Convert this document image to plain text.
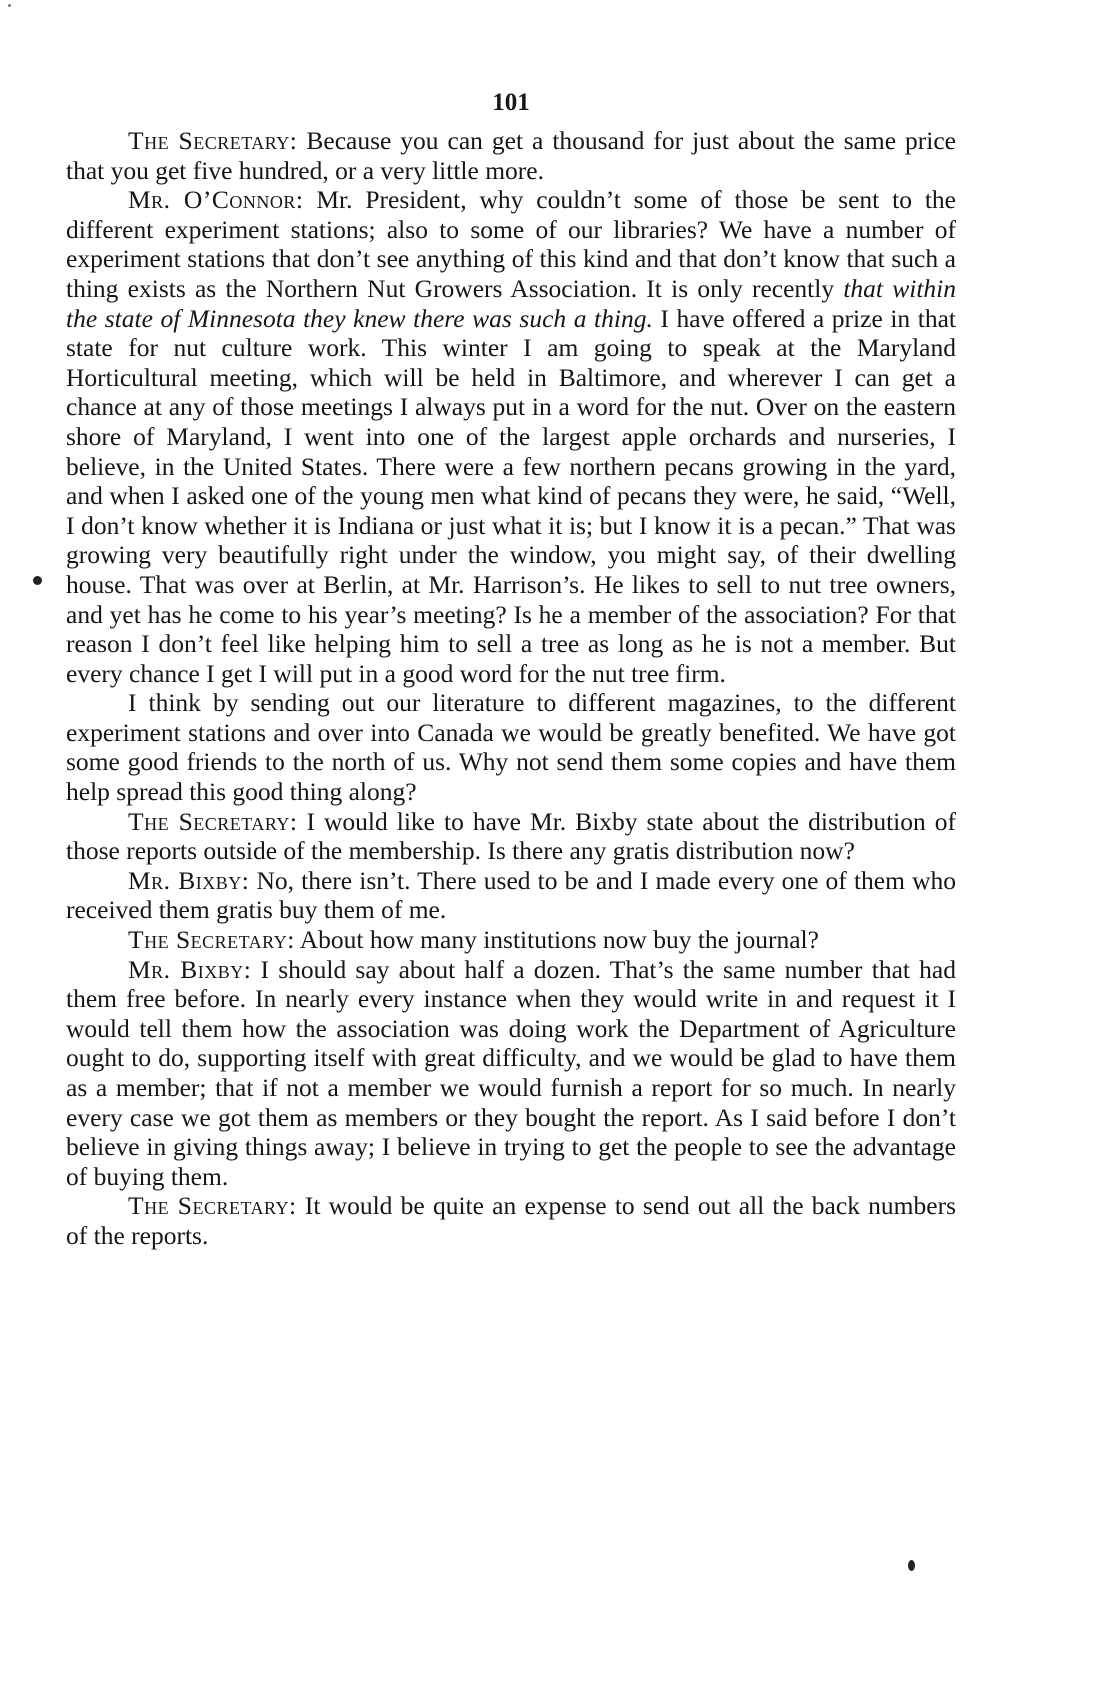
101

The Secretary: Because you can get a thousand for just about the same price that you get five hundred, or a very little more.

Mr. O’Connor: Mr. President, why couldn’t some of those be sent to the different experiment stations; also to some of our libraries? We have a number of experiment stations that don’t see anything of this kind and that don’t know that such a thing exists as the Northern Nut Growers Association. It is only recently that within the state of Minnesota they knew there was such a thing. I have offered a prize in that state for nut culture work. This winter I am going to speak at the Maryland Horticultural meeting, which will be held in Baltimore, and wherever I can get a chance at any of those meetings I always put in a word for the nut. Over on the eastern shore of Maryland, I went into one of the largest apple orchards and nurseries, I believe, in the United States. There were a few northern pecans growing in the yard, and when I asked one of the young men what kind of pecans they were, he said, “Well, I don’t know whether it is Indiana or just what it is; but I know it is a pecan.” That was growing very beautifully right under the window, you might say, of their dwelling house. That was over at Berlin, at Mr. Harrison’s. He likes to sell to nut tree owners, and yet has he come to his year’s meeting? Is he a member of the association? For that reason I don’t feel like helping him to sell a tree as long as he is not a member. But every chance I get I will put in a good word for the nut tree firm.

I think by sending out our literature to different magazines, to the different experiment stations and over into Canada we would be greatly benefited. We have got some good friends to the north of us. Why not send them some copies and have them help spread this good thing along?

The Secretary: I would like to have Mr. Bixby state about the distribution of those reports outside of the membership. Is there any gratis distribution now?

Mr. Bixby: No, there isn’t. There used to be and I made every one of them who received them gratis buy them of me.

The Secretary: About how many institutions now buy the journal?

Mr. Bixby: I should say about half a dozen. That’s the same number that had them free before. In nearly every instance when they would write in and request it I would tell them how the association was doing work the Department of Agriculture ought to do, supporting itself with great difficulty, and we would be glad to have them as a member; that if not a member we would furnish a report for so much. In nearly every case we got them as members or they bought the report. As I said before I don’t believe in giving things away; I believe in trying to get the people to see the advantage of buying them.

The Secretary: It would be quite an expense to send out all the back numbers of the reports.
